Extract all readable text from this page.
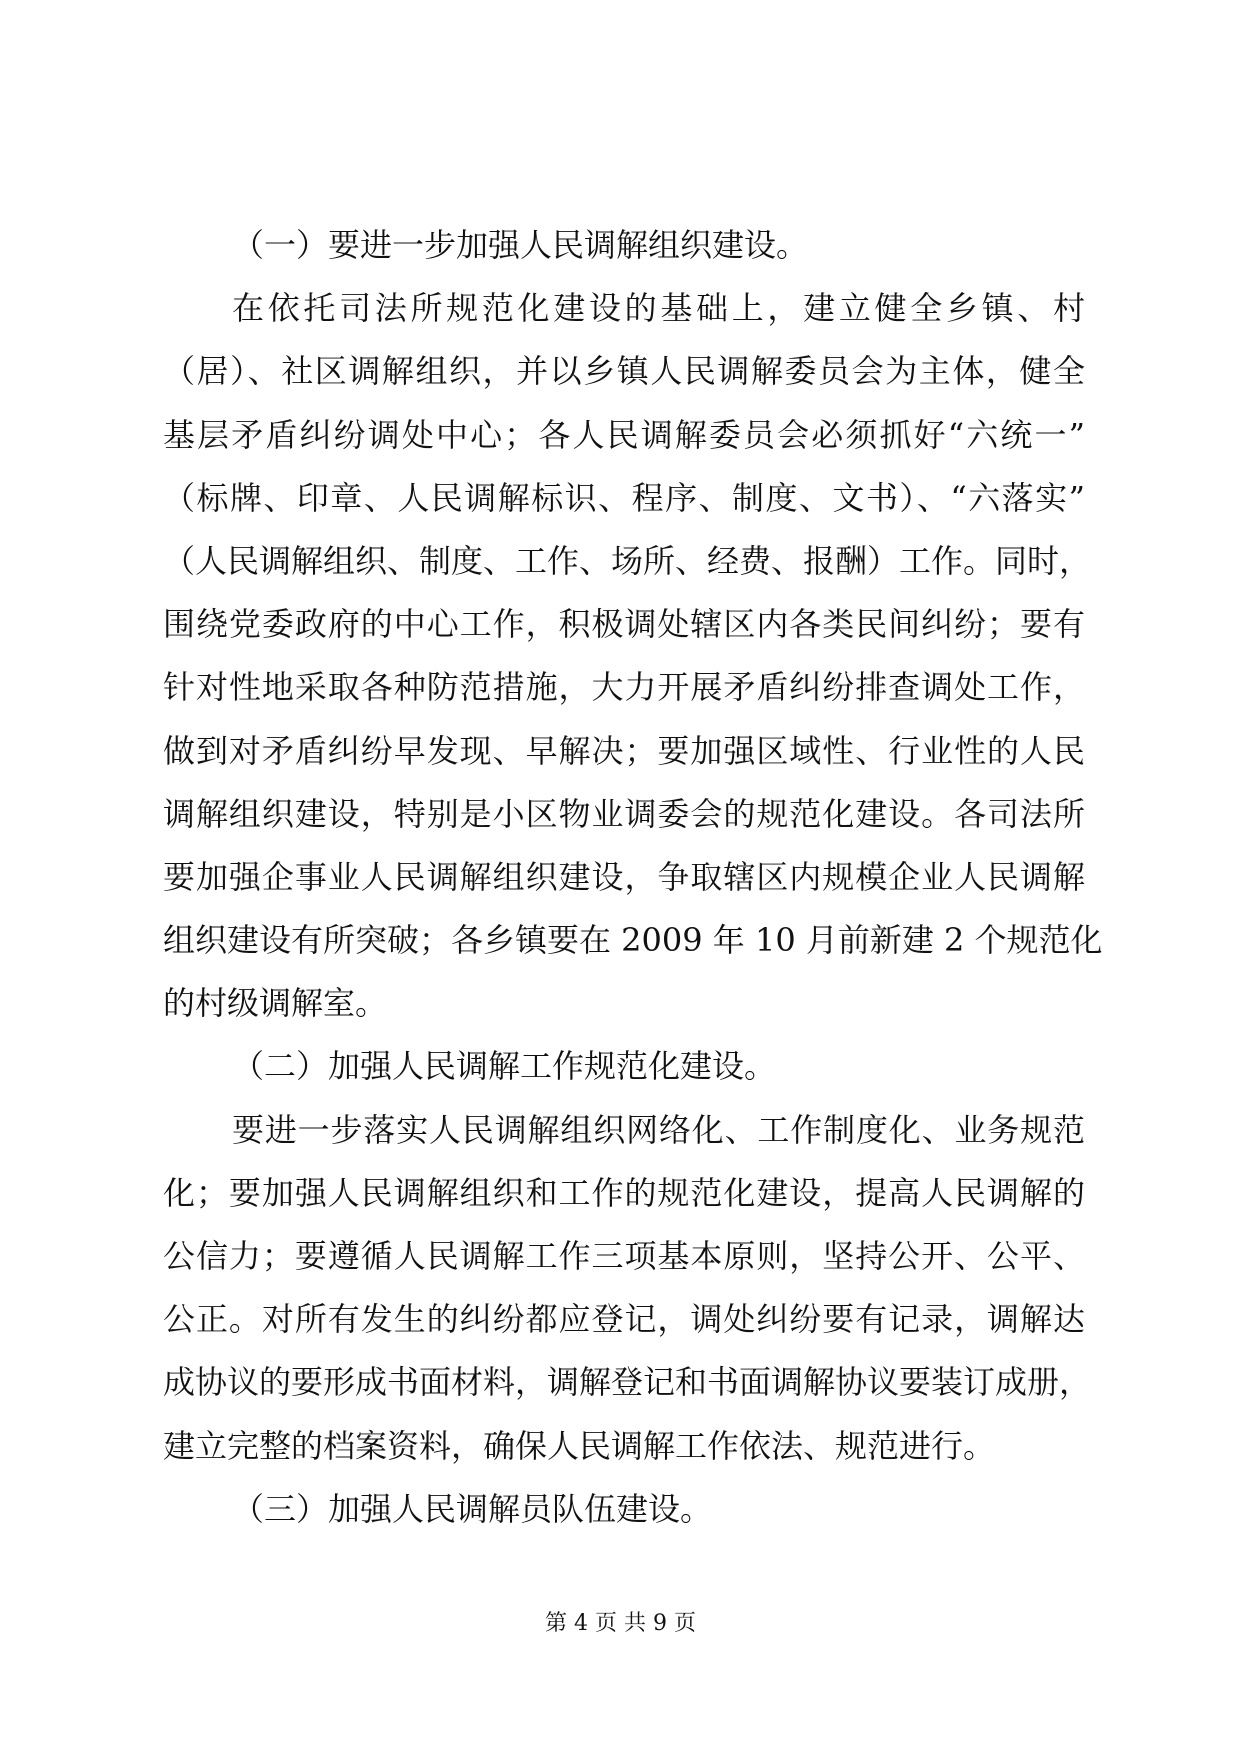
（一）要进一步加强人民调解组织建设。
在依托司法所规范化建设的基础上，建立健全乡镇、村
（居）、社区调解组织，并以乡镇人民调解委员会为主体，健全
基层矛盾纠纷调处中心；各人民调解委员会必须抓好“六统一”
（标牌、印章、人民调解标识、程序、制度、文书）、“六落实”
（人民调解组织、制度、工作、场所、经费、报酬）工作。同时，
围绕党委政府的中心工作，积极调处辖区内各类民间纠纷；要有
针对性地采取各种防范措施，大力开展矛盾纠纷排查调处工作，
做到对矛盾纠纷早发现、早解决；要加强区域性、行业性的人民
调解组织建设，特别是小区物业调委会的规范化建设。各司法所
要加强企事业人民调解组织建设，争取辖区内规模企业人民调解
组织建设有所突破；各乡镇要在 2009 年 10 月前新建 2 个规范化
的村级调解室。
（二）加强人民调解工作规范化建设。
要进一步落实人民调解组织网络化、工作制度化、业务规范
化；要加强人民调解组织和工作的规范化建设，提高人民调解的
公信力；要遵循人民调解工作三项基本原则，坚持公开、公平、
公正。对所有发生的纠纷都应登记，调处纠纷要有记录，调解达
成协议的要形成书面材料，调解登记和书面调解协议要装订成册，
建立完整的档案资料，确保人民调解工作依法、规范进行。
（三）加强人民调解员队伍建设。
第 4 页 共 9 页
